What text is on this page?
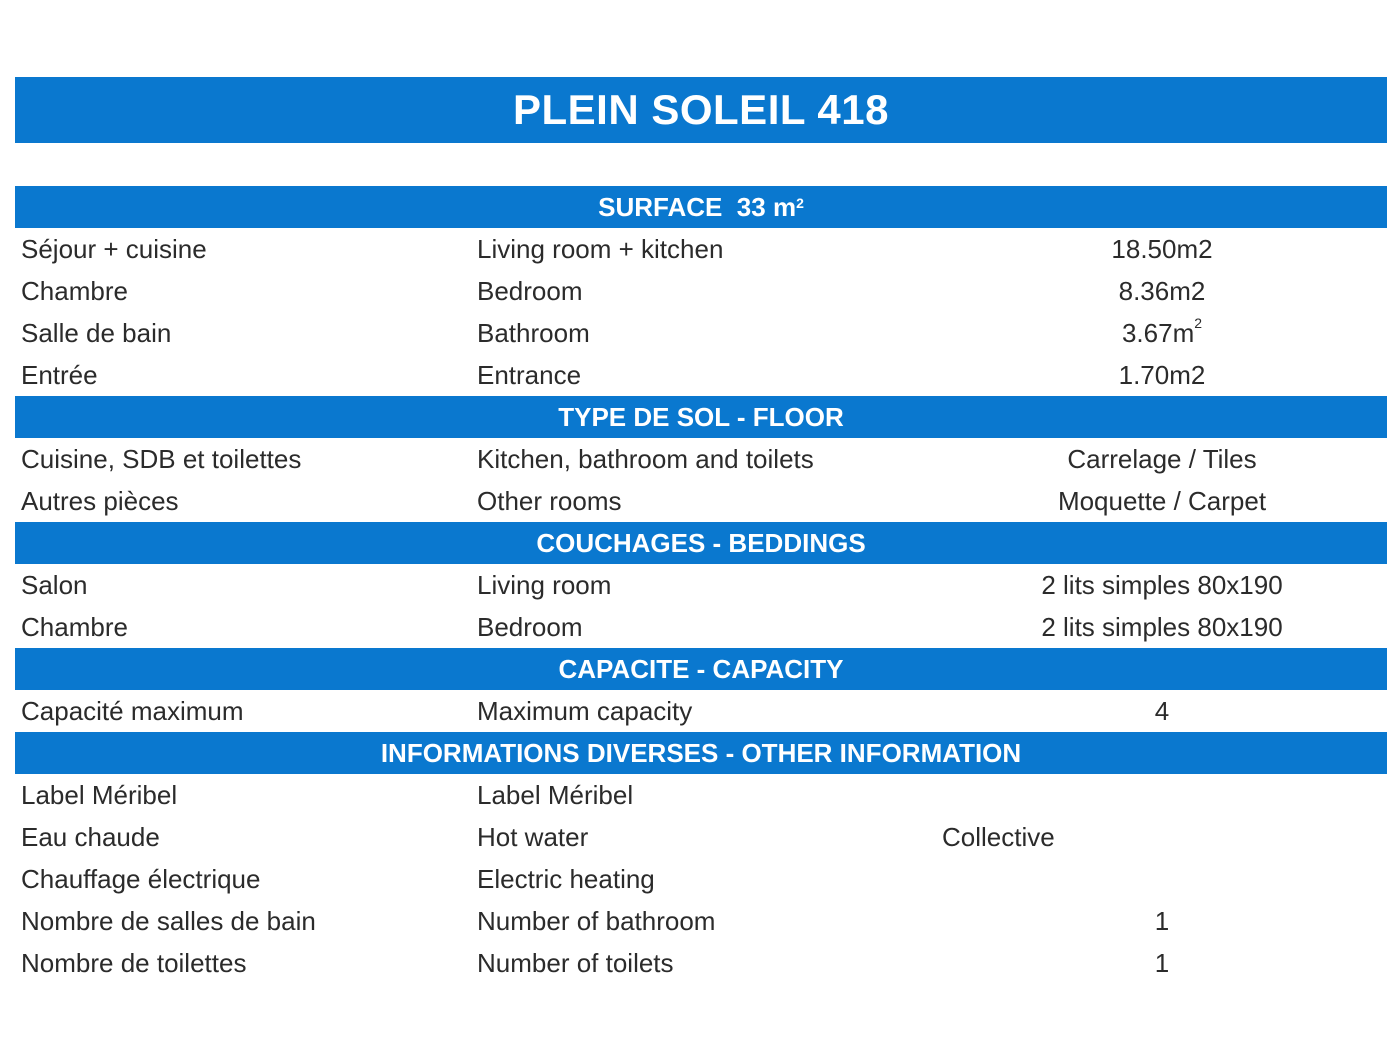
PLEIN SOLEIL 418
SURFACE  33 $m^2$
Séjour + cuisine	Living room + kitchen	18.50m2
Chambre	Bedroom	8.36m2
Salle de bain	Bathroom	$3.67m^2$
Entrée	Entrance	1.70m2
TYPE DE SOL - FLOOR
Cuisine, SDB et toilettes	Kitchen, bathroom and toilets	Carrelage / Tiles
Autres pièces	Other rooms	Moquette / Carpet
COUCHAGES - BEDDINGS
Salon	Living room	2 lits simples 80x190
Chambre	Bedroom	2 lits simples 80x190
CAPACITE - CAPACITY
Capacité maximum	Maximum capacity	4
INFORMATIONS DIVERSES - OTHER INFORMATION
Label Méribel	Label Méribel
Eau chaude	Hot water	Collective
Chauffage électrique	Electric heating
Nombre de salles de bain	Number of bathroom	1
Nombre de toilettes	Number of toilets	1
